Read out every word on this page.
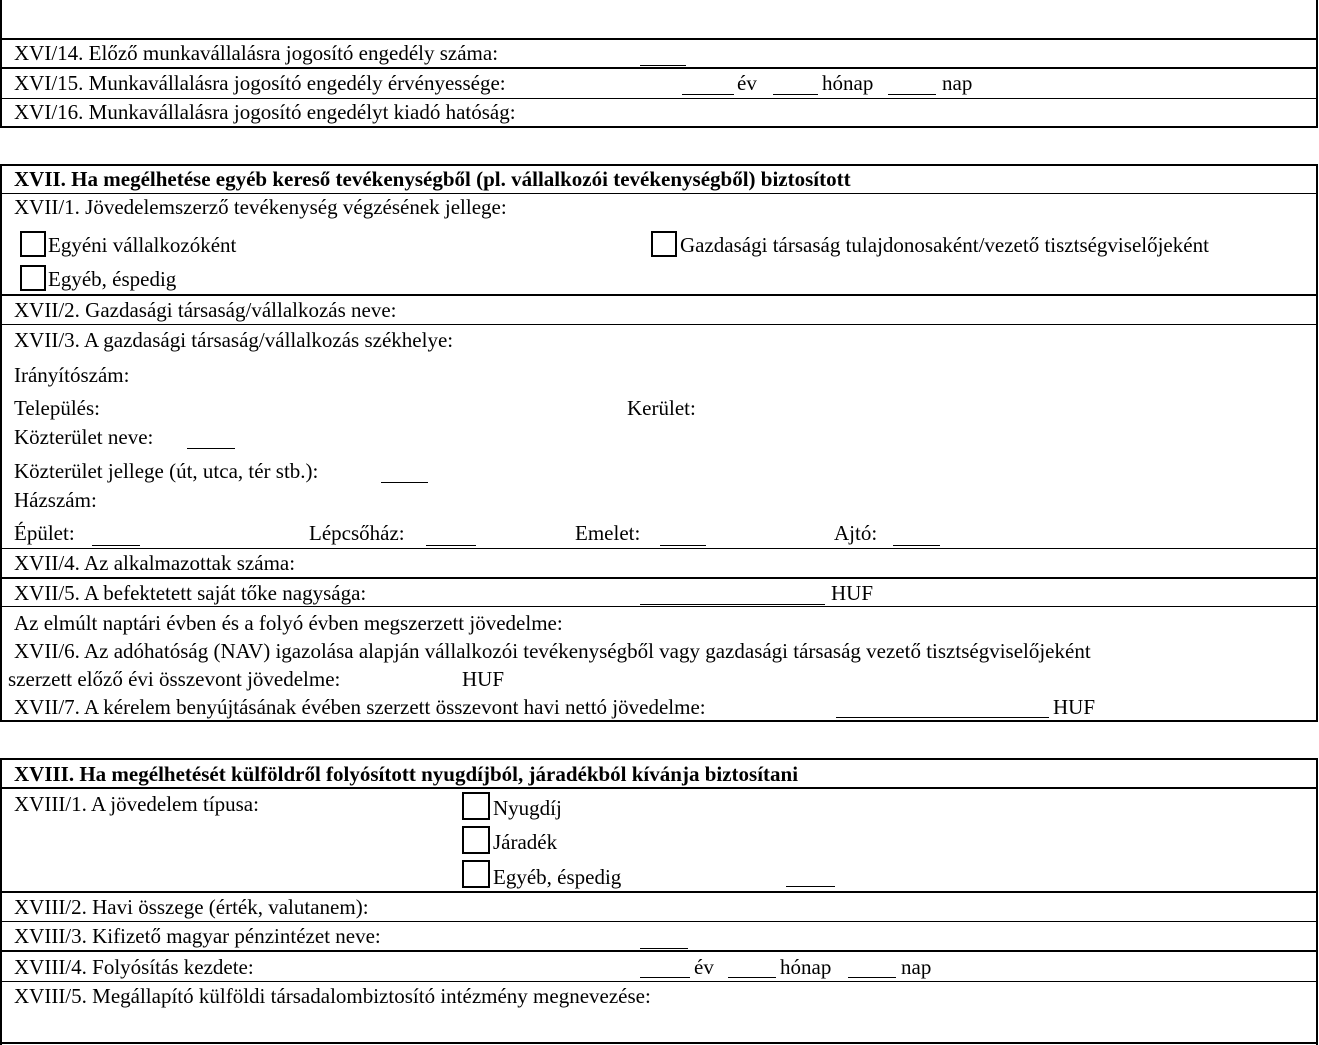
XVI/14. Előző munkavállalásra jogosító engedély száma:
XVI/15. Munkavállalásra jogosító engedély érvényessége:	év	hónap	nap
XVI/16. Munkavállalásra jogosító engedélyt kiadó hatóság:
XVII. Ha megélhetése egyéb kereső tevékenységből (pl. vállalkozói tevékenységből) biztosított
XVII/1. Jövedelemszerző tevékenység végzésének jellege:
Egyéni vállalkozóként	Gazdasági társaság tulajdonosaként/vezető tisztségviselőjeként
Egyéb, éspedig
XVII/2. Gazdasági társaság/vállalkozás neve:
XVII/3. A gazdasági társaság/vállalkozás székhelye:
Irányítószám:
Település:	Kerület:
Közterület neve:
Közterület jellege (út, utca, tér stb.):
Házszám:
Épület:	Lépcsőház:	Emelet:	Ajtó:
XVII/4. Az alkalmazottak száma:
XVII/5. A befektetett saját tőke nagysága:	HUF
Az elmúlt naptári évben és a folyó évben megszerzett jövedelme:
XVII/6. Az adóhatóság (NAV) igazolása alapján vállalkozói tevékenységből vagy gazdasági társaság vezető tisztségviselőjeként
szerzett előző évi összevont jövedelme:	HUF
XVII/7. A kérelem benyújtásának évében szerzett összevont havi nettó jövedelme:	HUF
XVIII. Ha megélhetését külföldről folyósított nyugdíjból, járadékból kívánja biztosítani
XVIII/1. A jövedelem típusa:	Nyugdíj
Járadék
Egyéb, éspedig
XVIII/2. Havi összege (érték, valutanem):
XVIII/3. Kifizető magyar pénzintézet neve:
XVIII/4. Folyósítás kezdete:	év	hónap	nap
XVIII/5. Megállapító külföldi társadalombiztosító intézmény megnevezése:
